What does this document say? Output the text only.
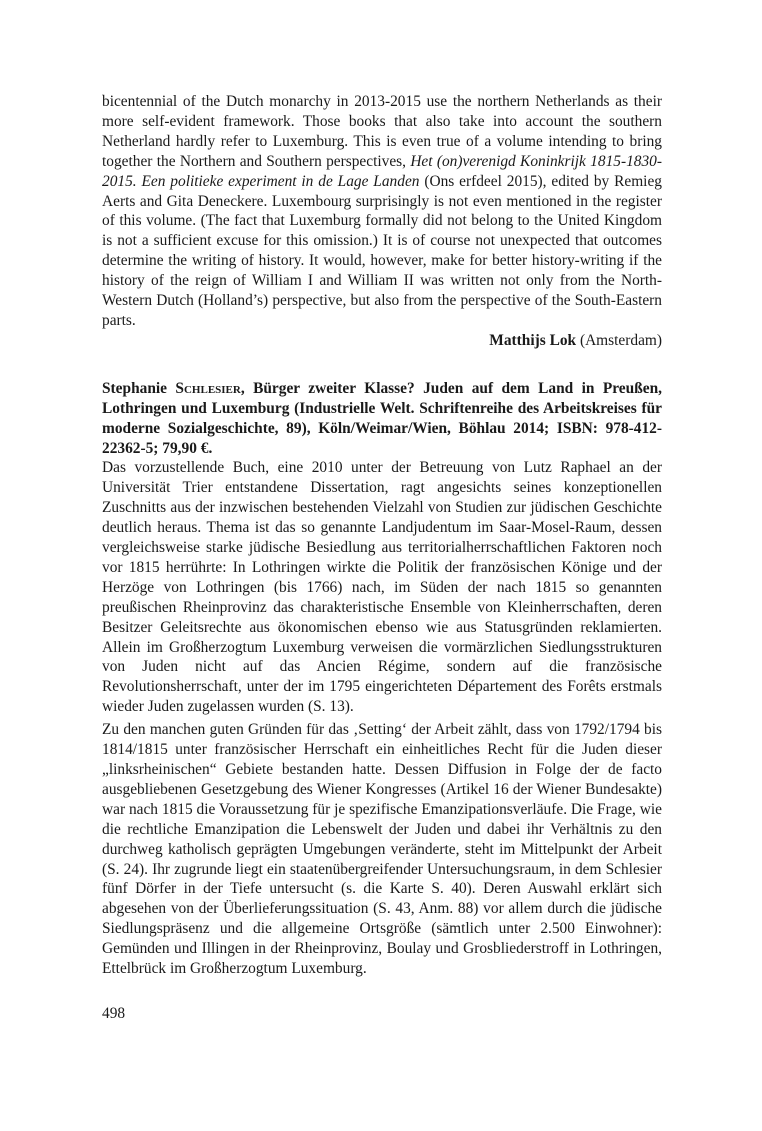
bicentennial of the Dutch monarchy in 2013-2015 use the northern Netherlands as their more self-evident framework. Those books that also take into account the southern Netherland hardly refer to Luxemburg. This is even true of a volume intending to bring together the Northern and Southern perspectives, Het (on)verenigd Koninkrijk 1815-1830-2015. Een politieke experiment in de Lage Landen (Ons erfdeel 2015), edited by Remieg Aerts and Gita Deneckere. Luxembourg surprisingly is not even mentioned in the register of this volume. (The fact that Luxemburg formally did not belong to the United Kingdom is not a sufficient excuse for this omission.) It is of course not unexpected that outcomes determine the writing of history. It would, however, make for better history-writing if the history of the reign of William I and William II was written not only from the North-Western Dutch (Holland’s) perspective, but also from the perspective of the South-Eastern parts.

Matthijs Lok (Amsterdam)

Stephanie Schlesier, Bürger zweiter Klasse? Juden auf dem Land in Preußen, Lothringen und Luxemburg (Industrielle Welt. Schriftenreihe des Arbeitskreises für moderne Sozialgeschichte, 89), Köln/Weimar/Wien, Böhlau 2014; ISBN: 978-412-22362-5; 79,90 €.

Das vorzustellende Buch, eine 2010 unter der Betreuung von Lutz Raphael an der Universität Trier entstandene Dissertation, ragt angesichts seines konzeptionellen Zuschnitts aus der inzwischen bestehenden Vielzahl von Studien zur jüdischen Geschichte deutlich heraus. Thema ist das so genannte Landjudentum im Saar-Mosel-Raum, dessen vergleichsweise starke jüdische Besiedlung aus territorialherrschaftlichen Faktoren noch vor 1815 herrührte: In Lothringen wirkte die Politik der französischen Könige und der Herzöge von Lothringen (bis 1766) nach, im Süden der nach 1815 so genannten preußischen Rheinprovinz das charakteristische Ensemble von Kleinherrschaften, deren Besitzer Geleitsrechte aus ökonomischen ebenso wie aus Statusgründen reklamierten. Allein im Großherzogtum Luxemburg verweisen die vormärzlichen Siedlungsstrukturen von Juden nicht auf das Ancien Régime, sondern auf die französische Revolutionsherrschaft, unter der im 1795 eingerichteten Département des Forêts erstmals wieder Juden zugelassen wurden (S. 13).

Zu den manchen guten Gründen für das ‚Setting‘ der Arbeit zählt, dass von 1792/1794 bis 1814/1815 unter französischer Herrschaft ein einheitliches Recht für die Juden dieser „linksrheinischen“ Gebiete bestanden hatte. Dessen Diffusion in Folge der de facto ausgebliebenen Gesetzgebung des Wiener Kongresses (Artikel 16 der Wiener Bundesakte) war nach 1815 die Voraussetzung für je spezifische Emanzipationsverläufe. Die Frage, wie die rechtliche Emanzipation die Lebenswelt der Juden und dabei ihr Verhältnis zu den durchweg katholisch geprägten Umgebungen veränderte, steht im Mittelpunkt der Arbeit (S. 24). Ihr zugrunde liegt ein staatenübergreifender Untersuchungsraum, in dem Schlesier fünf Dörfer in der Tiefe untersucht (s. die Karte S. 40). Deren Auswahl erklärt sich abgesehen von der Überlieferungssituation (S. 43, Anm. 88) vor allem durch die jüdische Siedlungspräsenz und die allgemeine Ortsgröße (sämtlich unter 2.500 Einwohner): Gemünden und Illingen in der Rheinprovinz, Boulay und Grosbliederstroff in Lothringen, Ettelbrück im Großherzogtum Luxemburg.

498
